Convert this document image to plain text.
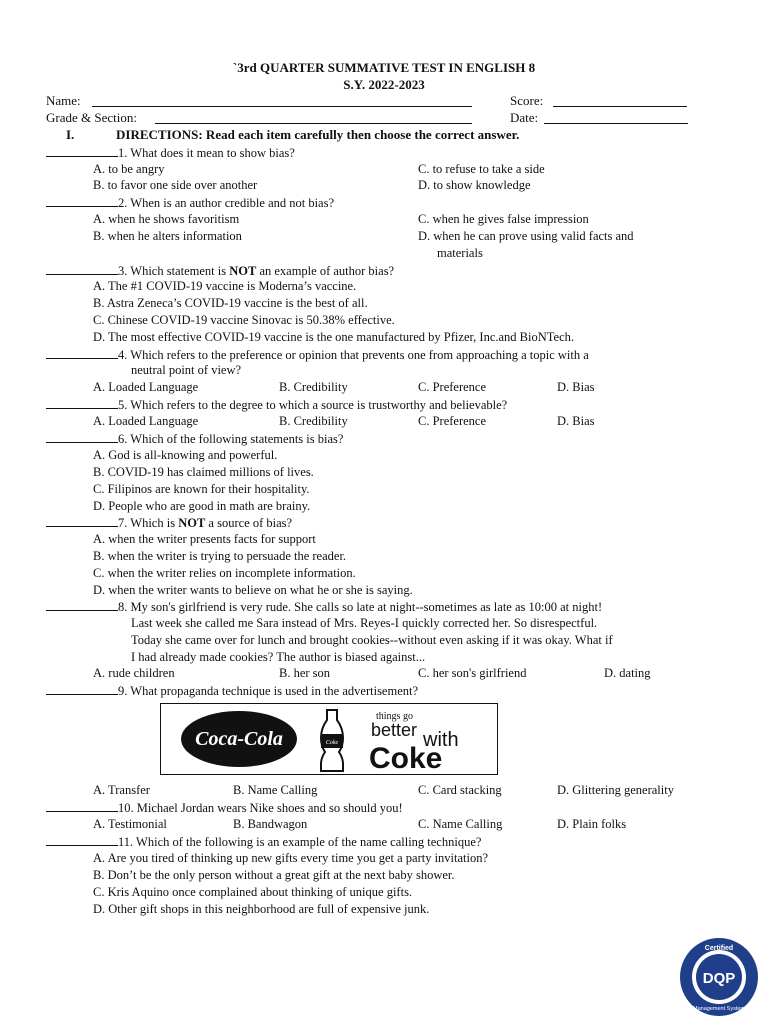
`3rd QUARTER SUMMATIVE TEST IN ENGLISH 8
S.Y. 2022-2023
Name:	Score:
Grade & Section:	Date:
I.	DIRECTIONS: Read each item carefully then choose the correct answer.
1. What does it mean to show bias?
A. to be angry	C. to refuse to take a side
B. to favor one side over another	D. to show knowledge
2. When is an author credible and not bias?
A. when he shows favoritism	C. when he gives false impression
B. when he alters information	D. when he can prove using valid facts and
materials
3. Which statement is NOT an example of author bias?
A. The #1 COVID-19 vaccine is Moderna’s vaccine.
B. Astra Zeneca’s COVID-19 vaccine is the best of all.
C. Chinese COVID-19 vaccine Sinovac is 50.38% effective.
D. The most effective COVID-19 vaccine is the one manufactured by Pfizer, Inc.and BioNTech.
4. Which refers to the preference or opinion that prevents one from approaching a topic with a
neutral point of view?
A. Loaded Language	B. Credibility	C. Preference	D. Bias
5. Which refers to the degree to which a source is trustworthy and believable?
A. Loaded Language	B. Credibility	C. Preference	D. Bias
6. Which of the following statements is bias?
A. God is all-knowing and powerful.
B. COVID-19 has claimed millions of lives.
C. Filipinos are known for their hospitality.
D. People who are good in math are brainy.
7. Which is NOT a source of bias?
A. when the writer presents facts for support
B. when the writer is trying to persuade the reader.
C. when the writer relies on incomplete information.
D. when the writer wants to believe on what he or she is saying.
8. My son's girlfriend is very rude. She calls so late at night--sometimes as late as 10:00 at night!
Last week she called me Sara instead of Mrs. Reyes-I quickly corrected her. So disrespectful.
Today she came over for lunch and brought cookies--without even asking if it was okay. What if
I had already made cookies? The author is biased against...
A. rude children	B. her son	C. her son's girlfriend	D. dating
9. What propaganda technique is used in the advertisement?
Coca-Cola	Coke
things go
better with
Coke
A. Transfer	B. Name Calling	C. Card stacking	D. Glittering generality
10. Michael Jordan wears Nike shoes and so should you!
A. Testimonial	B. Bandwagon	C. Name Calling	D. Plain folks
11. Which of the following is an example of the name calling technique?
A. Are you tired of thinking up new gifts every time you get a party invitation?
B. Don’t be the only person without a great gift at the next baby shower.
C. Kris Aquino once complained about thinking of unique gifts.
D. Other gift shops in this neighborhood are full of expensive junk.
Certified
Management System
DQP
